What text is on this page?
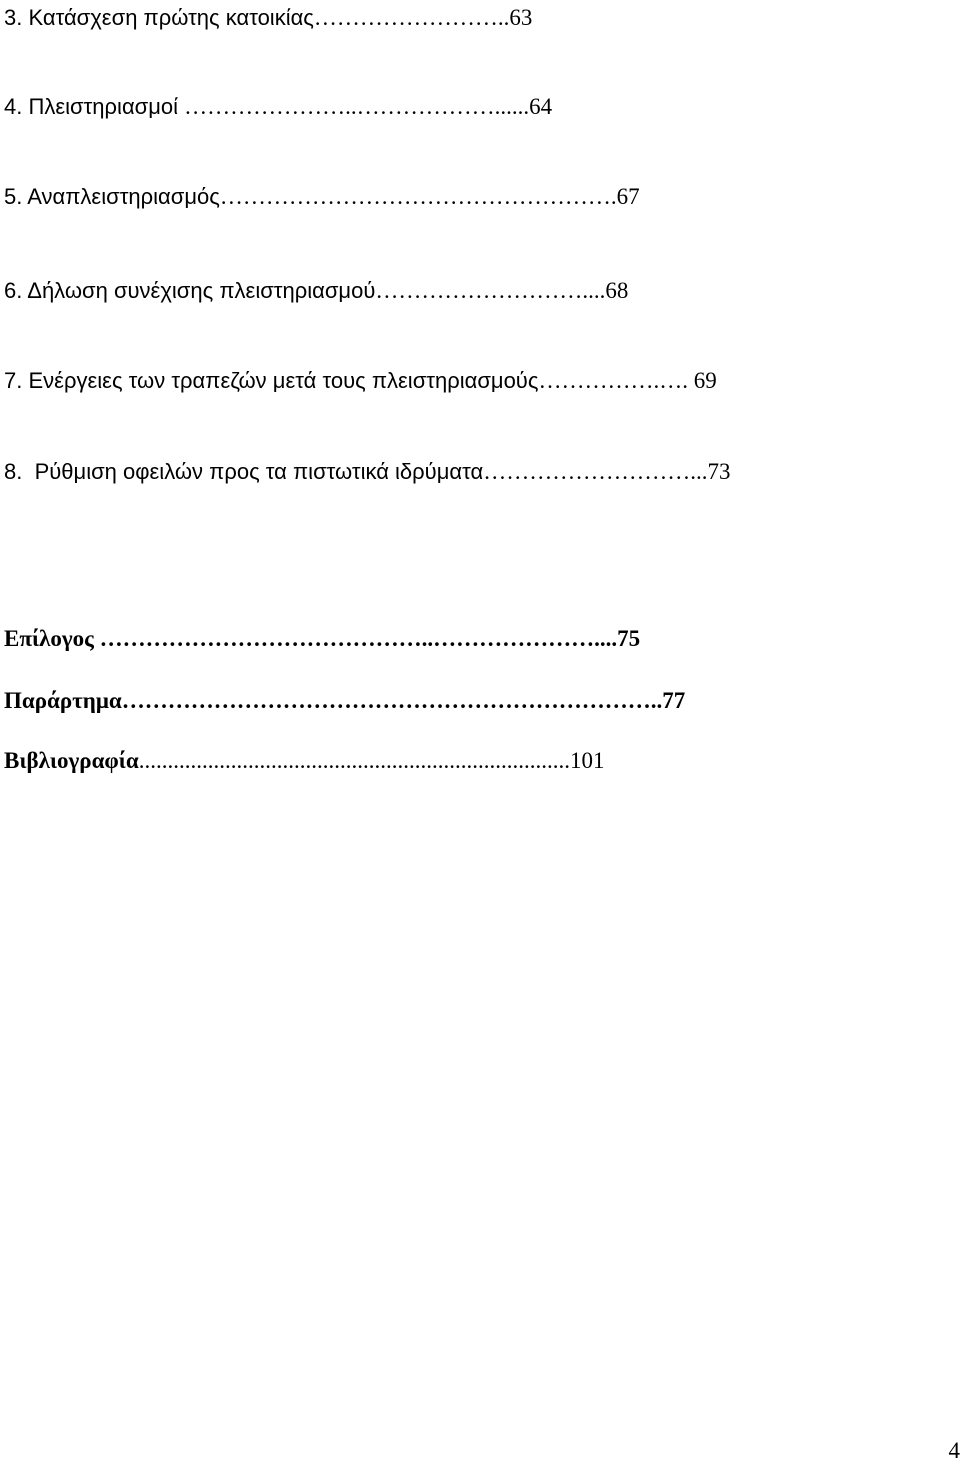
3. Κατάσχεση πρώτης κατοικίας……………………..63
4. Πλειστηριασμοί …………………..………………......64
5. Αναπλειστηριασμός…………………………………………….67
6. Δήλωση συνέχισης πλειστηριασμού………………………....68
7. Ενέργειες των τραπεζών μετά τους πλειστηριασμούς…………….…. 69
8.  Ρύθμιση οφειλών προς τα πιστωτικά ιδρύματα………………………...73
Επίλογος ……………………………………..…………………....75
Παράρτημα……………………………………………………………..77
Βιβλιογραφία...........................................................................101
4
